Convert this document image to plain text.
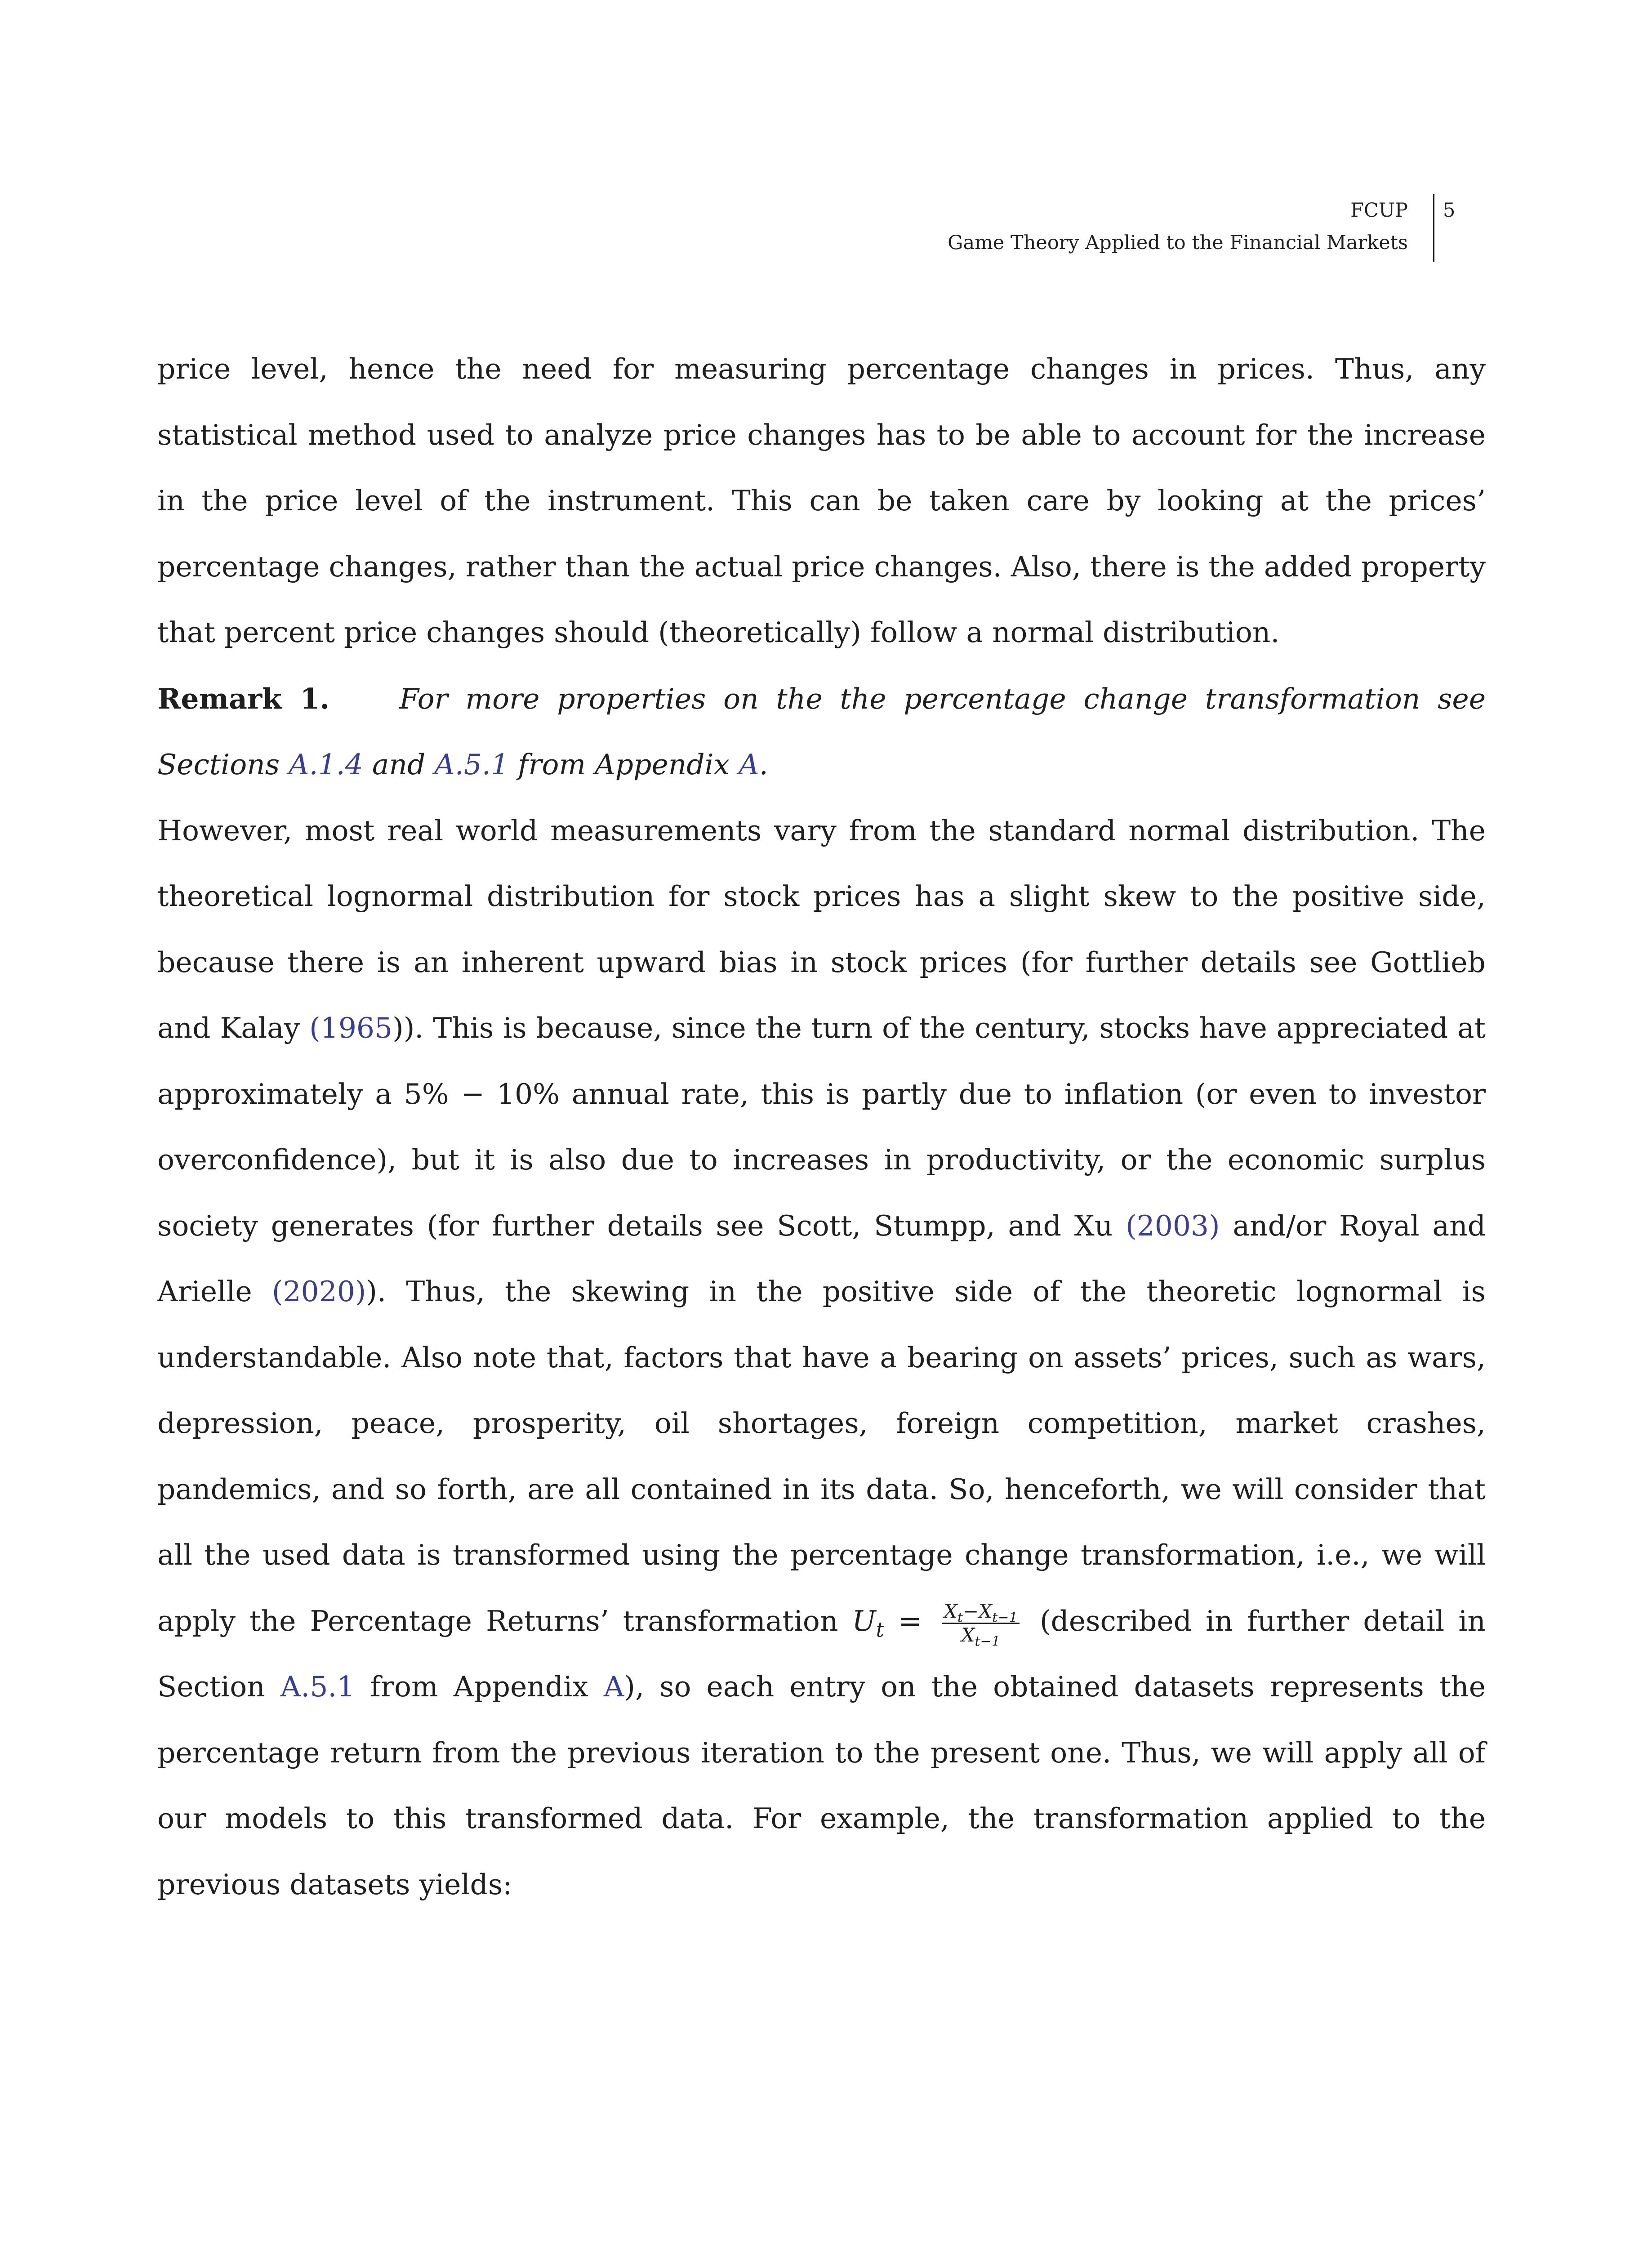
FCUP
Game Theory Applied to the Financial Markets
5

price level, hence the need for measuring percentage changes in prices. Thus, any statistical method used to analyze price changes has to be able to account for the increase in the price level of the instrument. This can be taken care by looking at the prices’ percentage changes, rather than the actual price changes. Also, there is the added property that percent price changes should (theoretically) follow a normal distribution.

Remark 1. For more properties on the the percentage change transformation see Sections A.1.4 and A.5.1 from Appendix A.

However, most real world measurements vary from the standard normal distribution. The theoretical lognormal distribution for stock prices has a slight skew to the positive side, because there is an inherent upward bias in stock prices (for further details see Gottlieb and Kalay (1965)). This is because, since the turn of the century, stocks have appreciated at approximately a 5% − 10% annual rate, this is partly due to inflation (or even to investor overconfidence), but it is also due to increases in productivity, or the economic surplus society generates (for further details see Scott, Stumpp, and Xu (2003) and/or Royal and Arielle (2020)). Thus, the skewing in the positive side of the theoretic lognormal is understandable. Also note that, factors that have a bearing on assets’ prices, such as wars, depression, peace, prosperity, oil shortages, foreign competition, market crashes, pandemics, and so forth, are all contained in its data. So, henceforth, we will consider that all the used data is transformed using the percentage change transformation, i.e., we will apply the Percentage Returns’ transformation $U_t = \frac{X_t-X_{t-1}}{X_{t-1}}$ (described in further detail in Section A.5.1 from Appendix A), so each entry on the obtained datasets represents the percentage return from the previous iteration to the present one. Thus, we will apply all of our models to this transformed data. For example, the transformation applied to the previous datasets yields:
